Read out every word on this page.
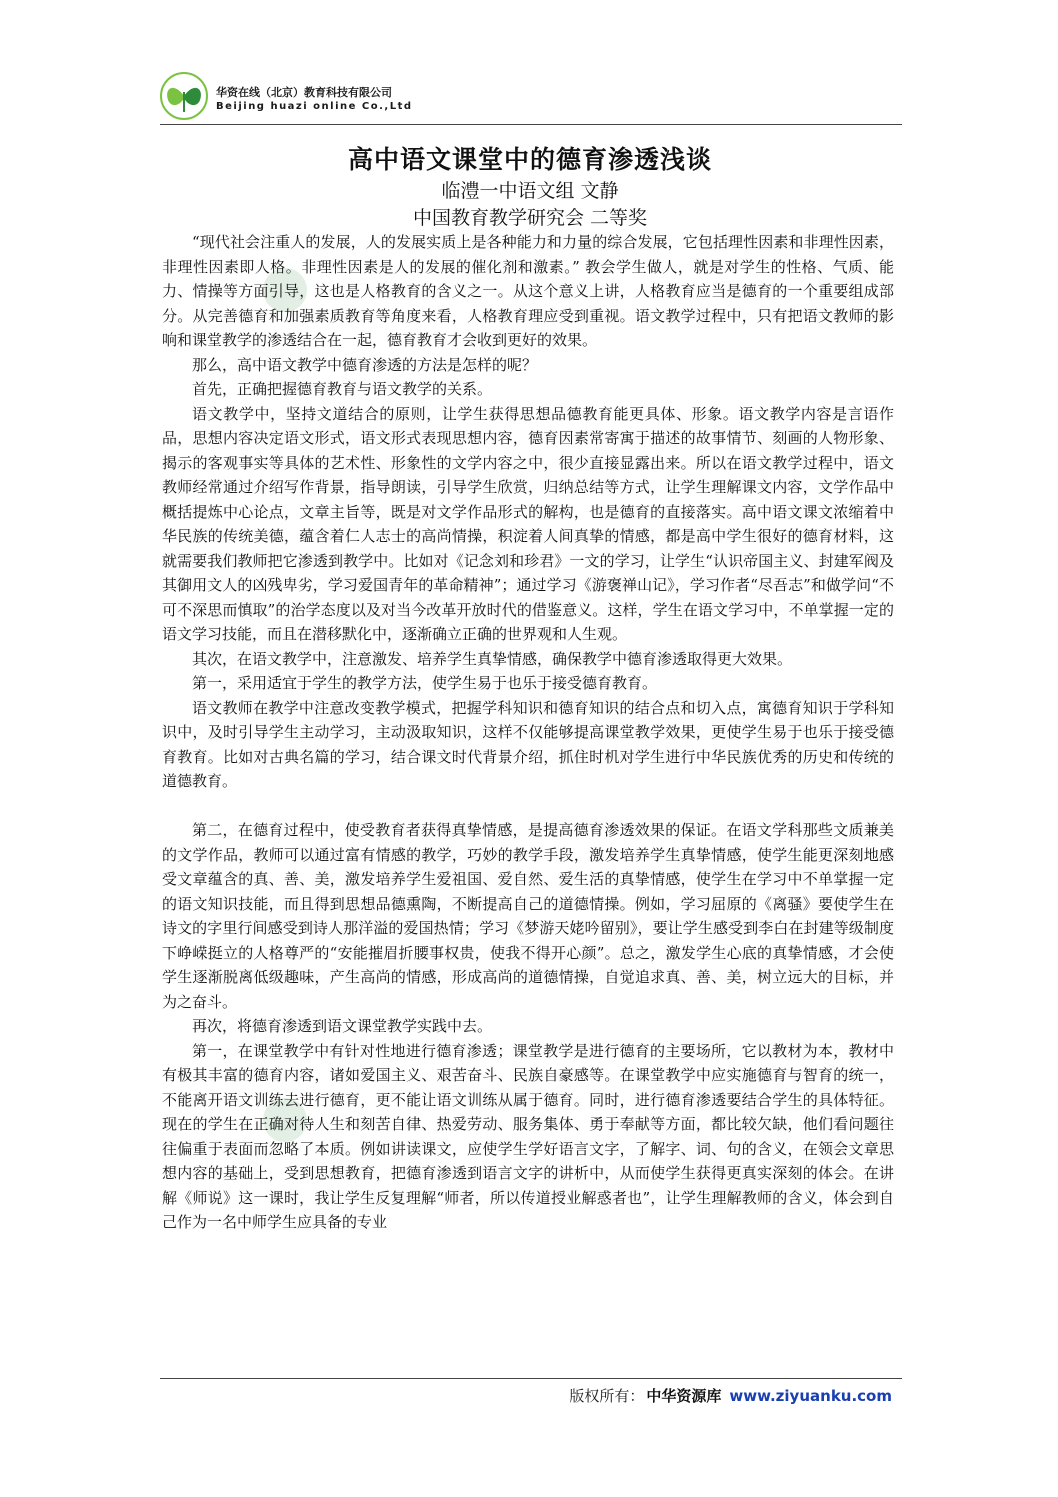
华资在线（北京）教育科技有限公司
Beijing huazi online Co.,Ltd
高中语文课堂中的德育渗透浅谈
临澧一中语文组 文静
中国教育教学研究会 二等奖

“现代社会注重人的发展，人的发展实质上是各种能力和力量的综合发展，它包括理性因素和非理性因素，非理性因素即人格。非理性因素是人的发展的催化剂和激素。” 教会学生做人，就是对学生的性格、气质、能力、情操等方面引导，这也是人格教育的含义之一。从这个意义上讲，人格教育应当是德育的一个重要组成部分。从完善德育和加强素质教育等角度来看，人格教育理应受到重视。语文教学过程中，只有把语文教师的影响和课堂教学的渗透结合在一起，德育教育才会收到更好的效果。

那么，高中语文教学中德育渗透的方法是怎样的呢？

首先，正确把握德育教育与语文教学的关系。

语文教学中，坚持文道结合的原则，让学生获得思想品德教育能更具体、形象。语文教学内容是言语作品，思想内容决定语文形式，语文形式表现思想内容，德育因素常寄寓于描述的故事情节、刻画的人物形象、揭示的客观事实等具体的艺术性、形象性的文学内容之中，很少直接显露出来。所以在语文教学过程中，语文教师经常通过介绍写作背景，指导朗读，引导学生欣赏，归纳总结等方式，让学生理解课文内容，文学作品中概括提炼中心论点，文章主旨等，既是对文学作品形式的解构，也是德育的直接落实。高中语文课文浓缩着中华民族的传统美德，蕴含着仁人志士的高尚情操，积淀着人间真挚的情感，都是高中学生很好的德育材料，这就需要我们教师把它渗透到教学中。比如对《记念刘和珍君》一文的学习，让学生“认识帝国主义、封建军阀及其御用文人的凶残卑劣，学习爱国青年的革命精神”；通过学习《游褒禅山记》，学习作者“尽吾志”和做学问“不可不深思而慎取”的治学态度以及对当今改革开放时代的借鉴意义。这样，学生在语文学习中，不单掌握一定的语文学习技能，而且在潜移默化中，逐渐确立正确的世界观和人生观。

其次，在语文教学中，注意激发、培养学生真挚情感，确保教学中德育渗透取得更大效果。

第一，采用适宜于学生的教学方法，使学生易于也乐于接受德育教育。

语文教师在教学中注意改变教学模式，把握学科知识和德育知识的结合点和切入点，寓德育知识于学科知识中，及时引导学生主动学习，主动汲取知识，这样不仅能够提高课堂教学效果，更使学生易于也乐于接受德育教育。比如对古典名篇的学习，结合课文时代背景介绍，抓住时机对学生进行中华民族优秀的历史和传统的道德教育。

第二，在德育过程中，使受教育者获得真挚情感，是提高德育渗透效果的保证。在语文学科那些文质兼美的文学作品，教师可以通过富有情感的教学，巧妙的教学手段，激发培养学生真挚情感，使学生能更深刻地感受文章蕴含的真、善、美，激发培养学生爱祖国、爱自然、爱生活的真挚情感，使学生在学习中不单掌握一定的语文知识技能，而且得到思想品德熏陶，不断提高自己的道德情操。例如，学习屈原的《离骚》要使学生在诗文的字里行间感受到诗人那洋溢的爱国热情；学习《梦游天姥吟留别》，要让学生感受到李白在封建等级制度下峥嵘挺立的人格尊严的“安能摧眉折腰事权贵，使我不得开心颜”。总之，激发学生心底的真挚情感，才会使学生逐渐脱离低级趣味，产生高尚的情感，形成高尚的道德情操，自觉追求真、善、美，树立远大的目标，并为之奋斗。

再次，将德育渗透到语文课堂教学实践中去。

第一，在课堂教学中有针对性地进行德育渗透；课堂教学是进行德育的主要场所，它以教材为本，教材中有极其丰富的德育内容，诸如爱国主义、艰苦奋斗、民族自豪感等。在课堂教学中应实施德育与智育的统一，不能离开语文训练去进行德育，更不能让语文训练从属于德育。同时，进行德育渗透要结合学生的具体特征。现在的学生在正确对待人生和刻苦自律、热爱劳动、服务集体、勇于奉献等方面，都比较欠缺，他们看问题往往偏重于表面而忽略了本质。例如讲读课文，应使学生学好语言文字，了解字、词、句的含义，在领会文章思想内容的基础上，受到思想教育，把德育渗透到语言文字的讲析中，从而使学生获得更真实深刻的体会。在讲解《师说》这一课时，我让学生反复理解“师者，所以传道授业解惑者也”，让学生理解教师的含义，体会到自己作为一名中师学生应具备的专业

版权所有： 中华资源库 www.ziyuanku.com
